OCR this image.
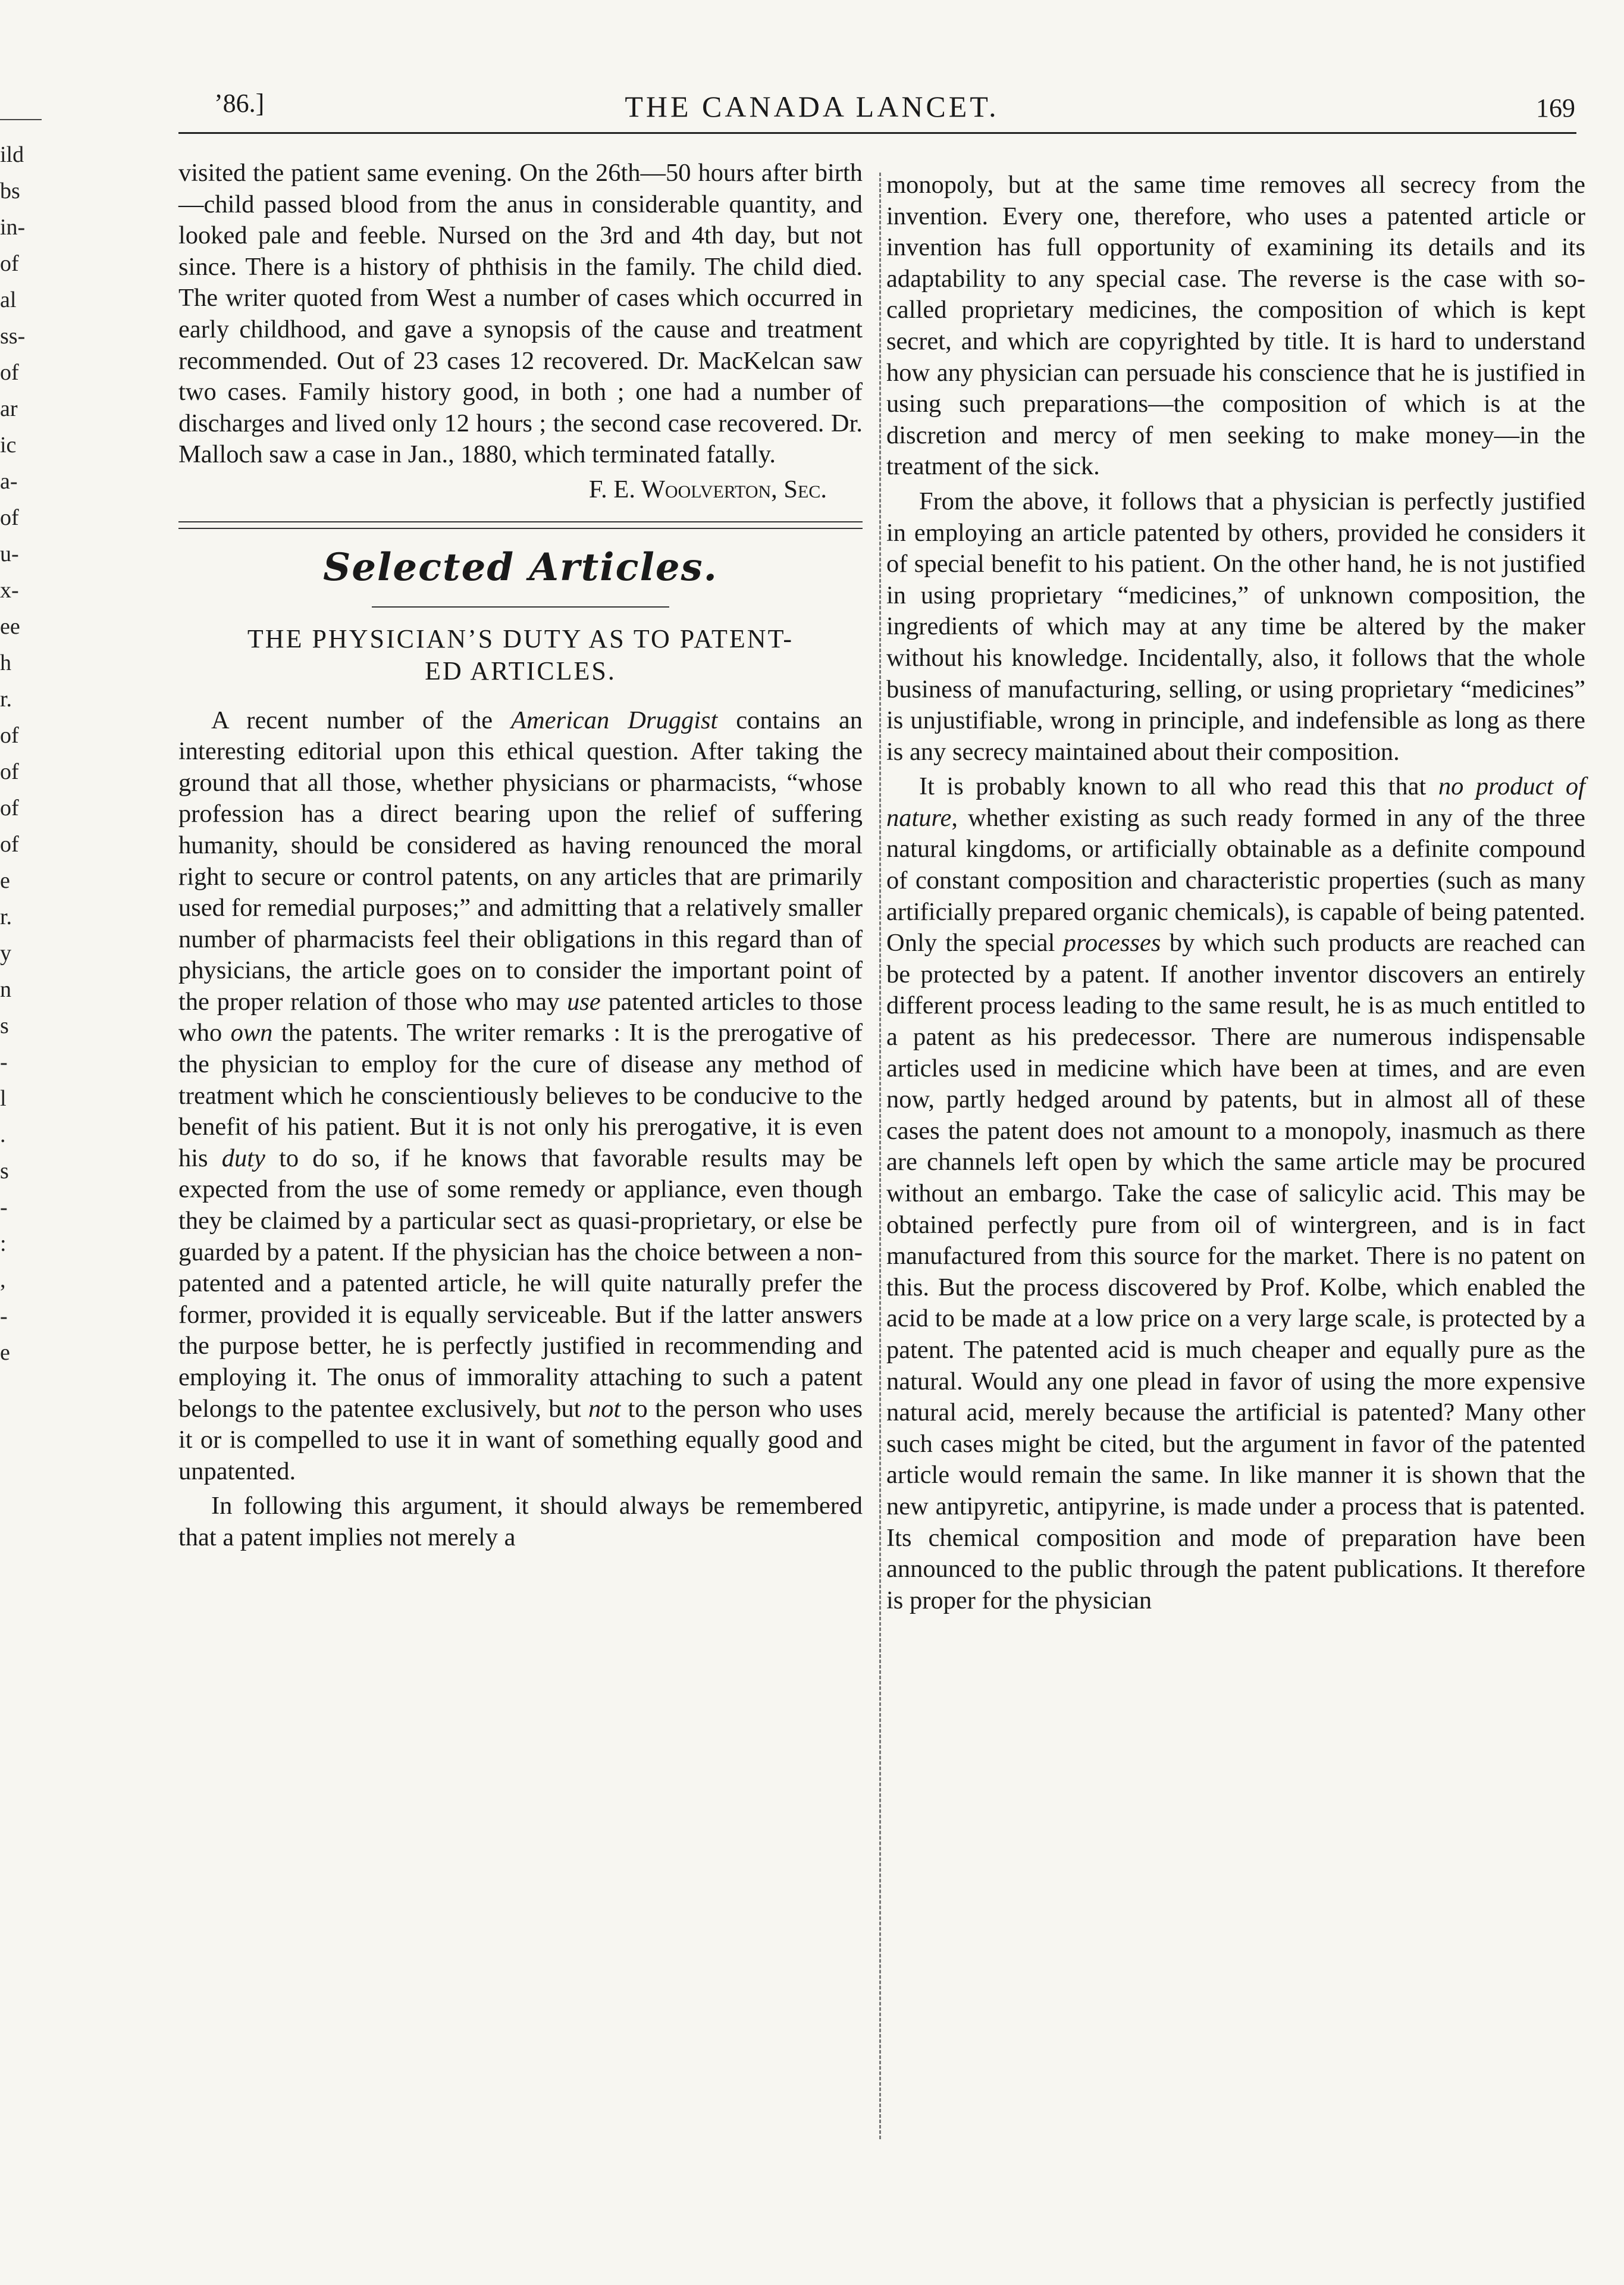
ild
bs
in-
of
al
ss-
of
ar
ic
a-
of
u-
x-
ee
h
r.
of
of
of
of
e
r.
y
n
s
-
l
.
s
-
:
,
-
e
’86.]	THE CANADA LANCET.	169

visited the patient same evening. On the 26th—50 hours after birth—child passed blood from the anus in considerable quantity, and looked pale and feeble. Nursed on the 3rd and 4th day, but not since. There is a history of phthisis in the family. The child died. The writer quoted from West a number of cases which occurred in early childhood, and gave a synopsis of the cause and treatment recommended. Out of 23 cases 12 recovered. Dr. MacKelcan saw two cases. Family history good, in both ; one had a number of discharges and lived only 12 hours ; the second case recovered. Dr. Malloch saw a case in Jan., 1880, which terminated fatally.

F. E. Woolverton, Sec.

Selected Articles.

THE PHYSICIAN’S DUTY AS TO PATENT-
ED ARTICLES.

A recent number of the American Druggist contains an interesting editorial upon this ethical question. After taking the ground that all those, whether physicians or pharmacists, “whose profession has a direct bearing upon the relief of suffering humanity, should be considered as having renounced the moral right to secure or control patents, on any articles that are primarily used for remedial purposes;” and admitting that a relatively smaller number of pharmacists feel their obligations in this regard than of physicians, the article goes on to consider the important point of the proper relation of those who may use patented articles to those who own the patents. The writer remarks : It is the prerogative of the physician to employ for the cure of disease any method of treatment which he conscientiously believes to be conducive to the benefit of his patient. But it is not only his prerogative, it is even his duty to do so, if he knows that favorable results may be expected from the use of some remedy or appliance, even though they be claimed by a particular sect as quasi-proprietary, or else be guarded by a patent. If the physician has the choice between a non-patented and a patented article, he will quite naturally prefer the former, provided it is equally serviceable. But if the latter answers the purpose better, he is perfectly justified in recommending and employing it. The onus of immorality attaching to such a patent belongs to the patentee exclusively, but not to the person who uses it or is compelled to use it in want of something equally good and unpatented.

In following this argument, it should always be remembered that a patent implies not merely a

monopoly, but at the same time removes all secrecy from the invention. Every one, therefore, who uses a patented article or invention has full opportunity of examining its details and its adaptability to any special case. The reverse is the case with so-called proprietary medicines, the composition of which is kept secret, and which are copyrighted by title. It is hard to understand how any physician can persuade his conscience that he is justified in using such preparations—the composition of which is at the discretion and mercy of men seeking to make money—in the treatment of the sick.

From the above, it follows that a physician is perfectly justified in employing an article patented by others, provided he considers it of special benefit to his patient. On the other hand, he is not justified in using proprietary “medicines,” of unknown composition, the ingredients of which may at any time be altered by the maker without his knowledge. Incidentally, also, it follows that the whole business of manufacturing, selling, or using proprietary “medicines” is unjustifiable, wrong in principle, and indefensible as long as there is any secrecy maintained about their composition.

It is probably known to all who read this that no product of nature, whether existing as such ready formed in any of the three natural kingdoms, or artificially obtainable as a definite compound of constant composition and characteristic properties (such as many artificially prepared organic chemicals), is capable of being patented. Only the special processes by which such products are reached can be protected by a patent. If another inventor discovers an entirely different process leading to the same result, he is as much entitled to a patent as his predecessor. There are numerous indispensable articles used in medicine which have been at times, and are even now, partly hedged around by patents, but in almost all of these cases the patent does not amount to a monopoly, inasmuch as there are channels left open by which the same article may be procured without an embargo. Take the case of salicylic acid. This may be obtained perfectly pure from oil of wintergreen, and is in fact manufactured from this source for the market. There is no patent on this. But the process discovered by Prof. Kolbe, which enabled the acid to be made at a low price on a very large scale, is protected by a patent. The patented acid is much cheaper and equally pure as the natural. Would any one plead in favor of using the more expensive natural acid, merely because the artificial is patented? Many other such cases might be cited, but the argument in favor of the patented article would remain the same. In like manner it is shown that the new antipyretic, antipyrine, is made under a process that is patented. Its chemical composition and mode of preparation have been announced to the public through the patent publications. It therefore is proper for the physician
